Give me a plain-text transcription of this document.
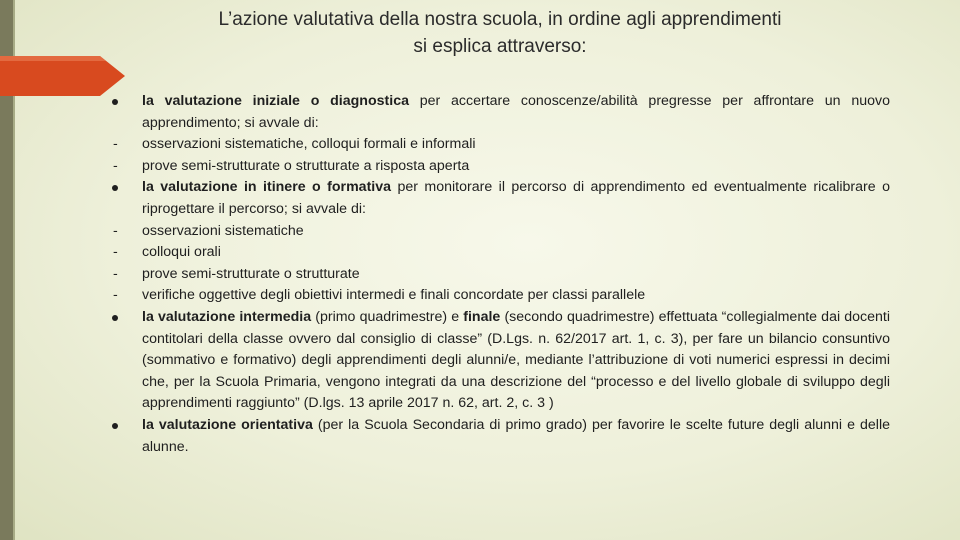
L’azione valutativa della nostra scuola, in ordine agli apprendimenti
si esplica attraverso:
la valutazione iniziale o diagnostica per accertare conoscenze/abilità pregresse per affrontare un nuovo apprendimento; si avvale di:
-	osservazioni sistematiche, colloqui formali e informali
-	prove semi-strutturate o strutturate a risposta aperta
la valutazione in itinere o formativa per monitorare il percorso di apprendimento ed eventualmente ricalibrare o riprogettare il percorso; si avvale di:
-	osservazioni sistematiche
-	colloqui orali
-	prove semi-strutturate o strutturate
-	verifiche oggettive degli obiettivi intermedi e finali concordate per classi parallele
la valutazione intermedia (primo quadrimestre) e finale (secondo quadrimestre) effettuata “collegialmente dai docenti contitolari della classe ovvero dal consiglio di classe” (D.Lgs. n. 62/2017 art. 1, c. 3), per fare un bilancio consuntivo (sommativo e formativo) degli apprendimenti degli alunni/e, mediante l’attribuzione di voti numerici espressi in decimi che, per la Scuola Primaria, vengono integrati da una descrizione del “processo e del livello globale di sviluppo degli apprendimenti raggiunto” (D.lgs. 13 aprile 2017 n. 62, art. 2, c. 3 )
la valutazione orientativa (per la Scuola Secondaria di primo grado) per favorire le scelte future degli alunni e delle alunne.
